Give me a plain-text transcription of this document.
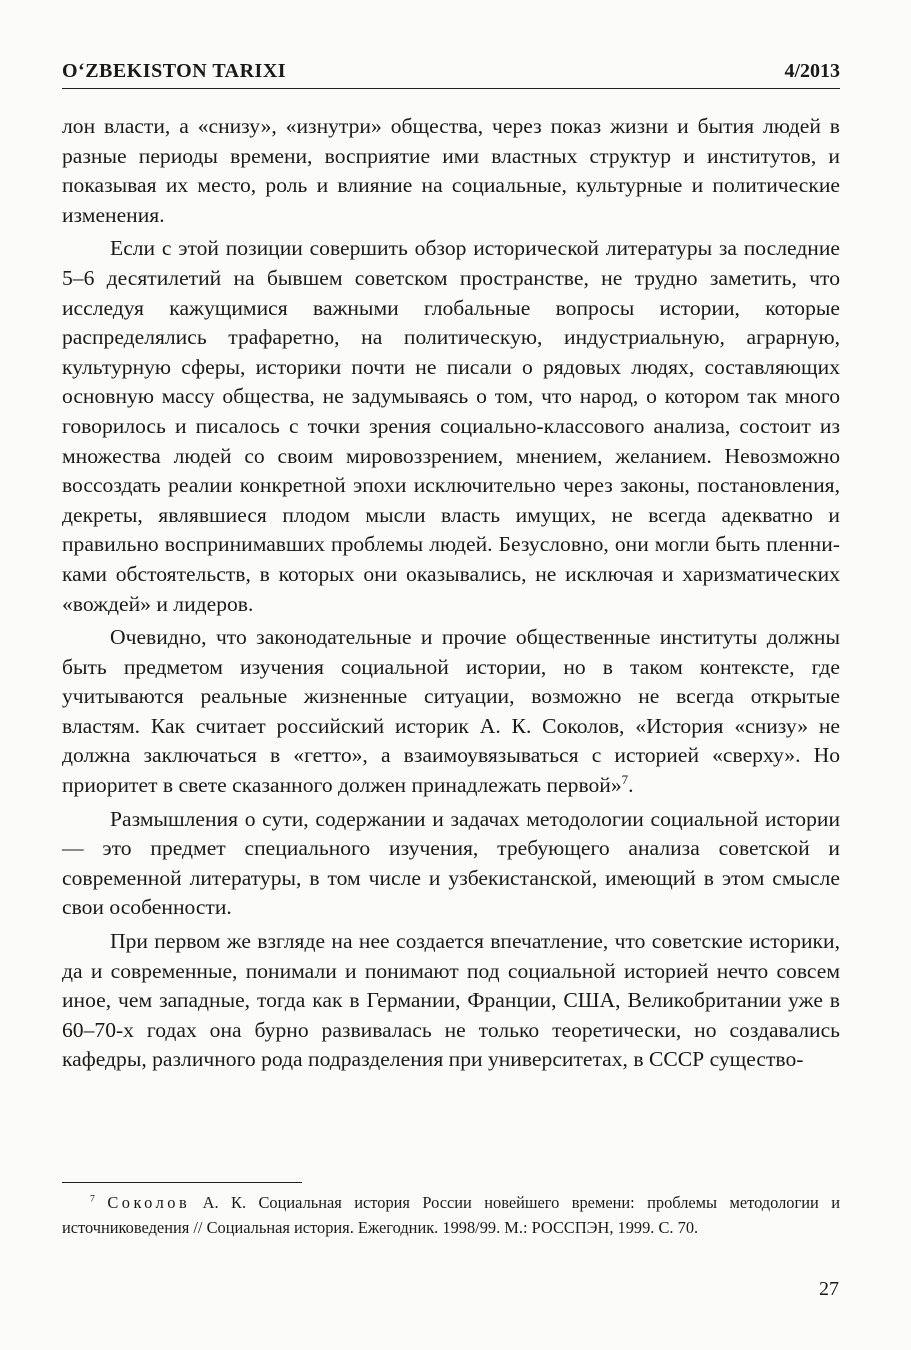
O‘ZBEKISTON TARIXI	4/2013

лон власти, а «снизу», «изнутри» общества, через показ жизни и бытия людей в разные периоды времени, восприятие ими властных структур и институтов, и показывая их место, роль и влияние на социальные, культурные и политические изменения.

Если с этой позиции совершить обзор исторической литературы за последние 5–6 десятилетий на бывшем советском пространстве, не трудно заметить, что исследуя кажущимися важными глобальные вопросы истории, которые распределялись трафаретно, на политическую, индустриальную, аграрную, культурную сферы, историки почти не писали о рядовых людях, составляющих основную массу общества, не задумываясь о том, что народ, о котором так много говорилось и писалось с точки зрения социально-классового анализа, состоит из множества людей со своим мировоззрением, мнением, желанием. Невозможно воссоздать реалии конкретной эпохи исключительно через законы, постановления, декреты, являвшиеся плодом мысли власть имущих, не всегда адекватно и правильно воспринимавших проблемы людей. Безусловно, они могли быть пленниками обстоятельств, в которых они оказывались, не исключая и харизматических «вождей» и лидеров.

Очевидно, что законодательные и прочие общественные институты должны быть предметом изучения социальной истории, но в таком контексте, где учитываются реальные жизненные ситуации, возможно не всегда открытые властям. Как считает российский историк А. К. Соколов, «История «снизу» не должна заключаться в «гетто», а взаимоувязываться с историей «сверху». Но приоритет в свете сказанного должен принадлежать первой»$^7$.

Размышления о сути, содержании и задачах методологии социальной истории — это предмет специального изучения, требующего анализа советской и современной литературы, в том числе и узбекистанской, имеющий в этом смысле свои особенности.

При первом же взгляде на нее создается впечатление, что советские историки, да и современные, понимали и понимают под социальной историей нечто совсем иное, чем западные, тогда как в Германии, Франции, США, Великобритании уже в 60–70-х годах она бурно развивалась не только теоретически, но создавались кафедры, различного рода подразделения при университетах, в СССР существо-

$^7$ Соколов А. К. Социальная история России новейшего времени: проблемы методологии и источниковедения // Социальная история. Ежегодник. 1998/99. М.: РОССПЭН, 1999. С. 70.

27
